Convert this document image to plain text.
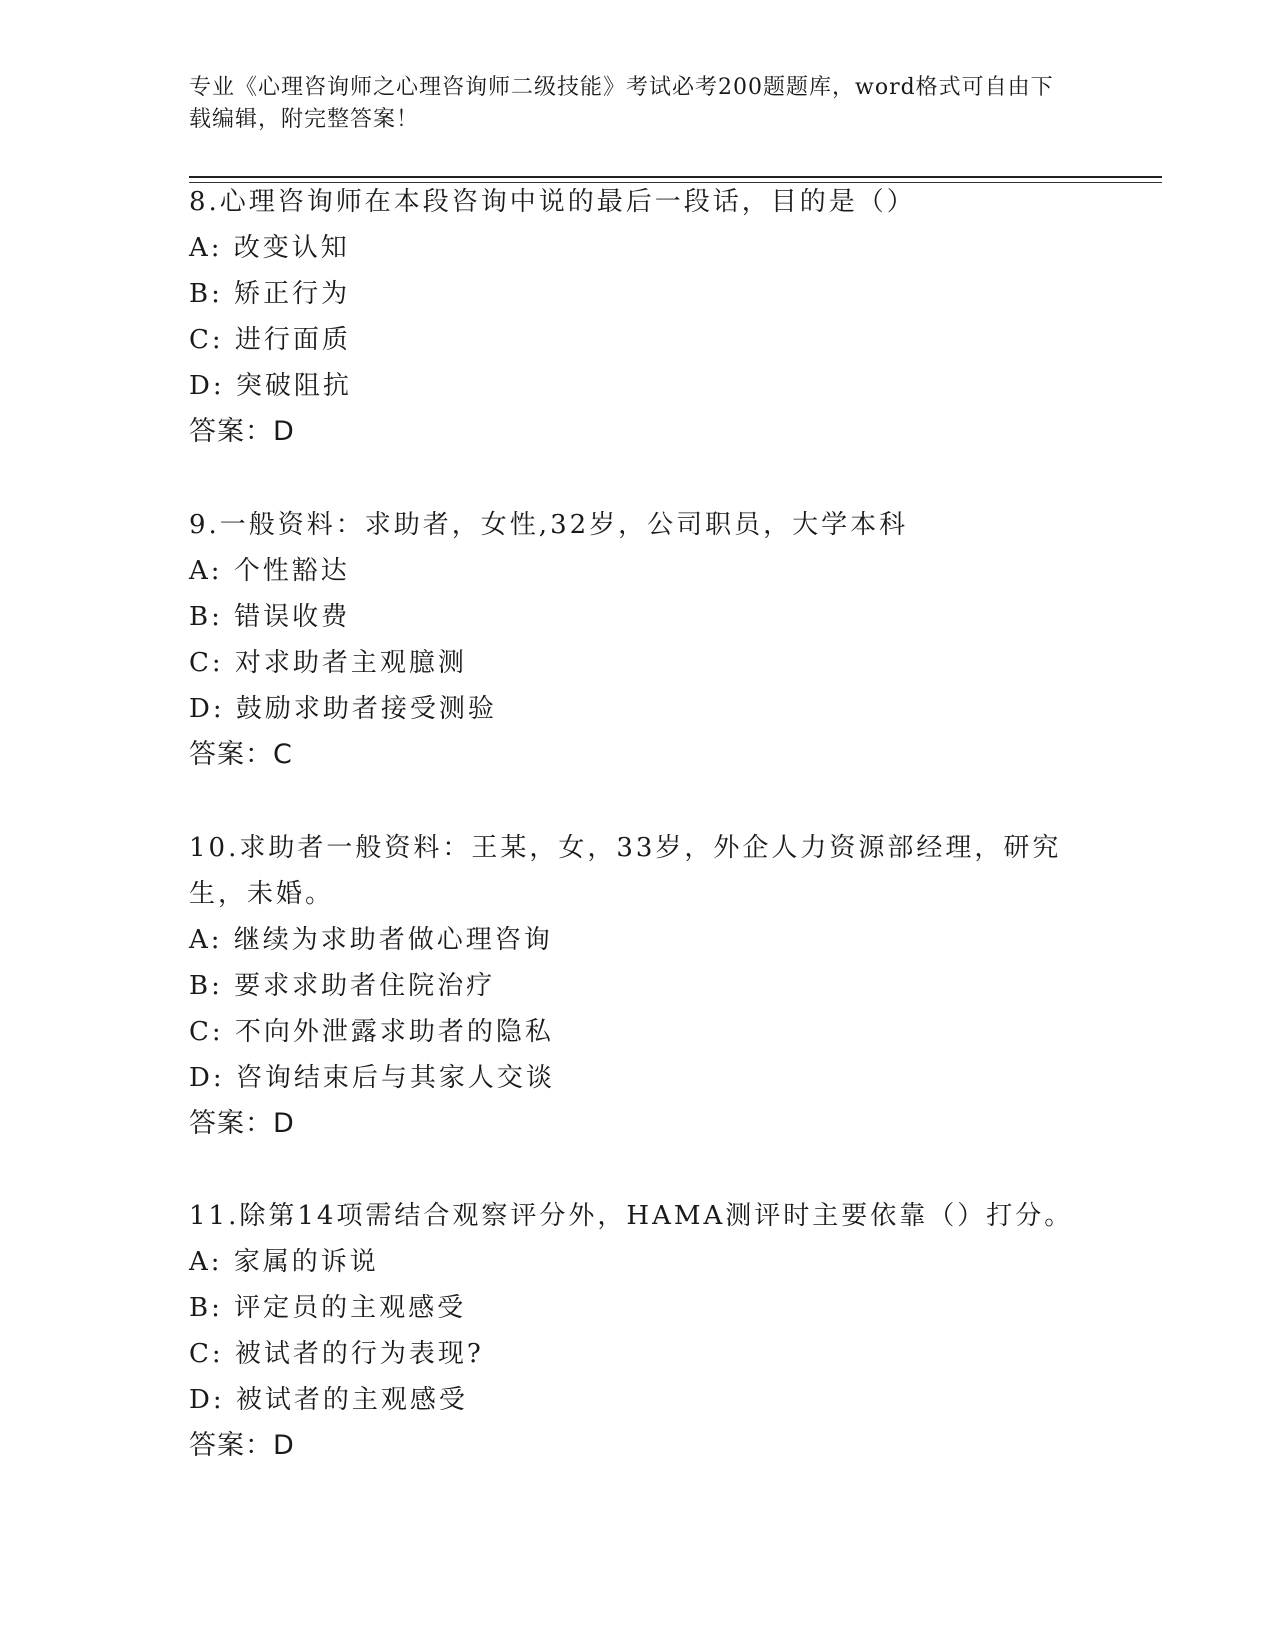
专业《心理咨询师之心理咨询师二级技能》考试必考200题题库，word格式可自由下载编辑，附完整答案！
8.心理咨询师在本段咨询中说的最后一段话，目的是（）
A: 改变认知
B: 矫正行为
C: 进行面质
D: 突破阻抗
答案：D
9.一般资料：求助者，女性,32岁，公司职员，大学本科
A: 个性豁达
B: 错误收费
C: 对求助者主观臆测
D: 鼓励求助者接受测验
答案：C
10.求助者一般资料：王某，女，33岁，外企人力资源部经理，研究生，未婚。
A: 继续为求助者做心理咨询
B: 要求求助者住院治疗
C: 不向外泄露求助者的隐私
D: 咨询结束后与其家人交谈
答案：D
11.除第14项需结合观察评分外，HAMA测评时主要依靠（）打分。
A: 家属的诉说
B: 评定员的主观感受
C: 被试者的行为表现?
D: 被试者的主观感受
答案：D
